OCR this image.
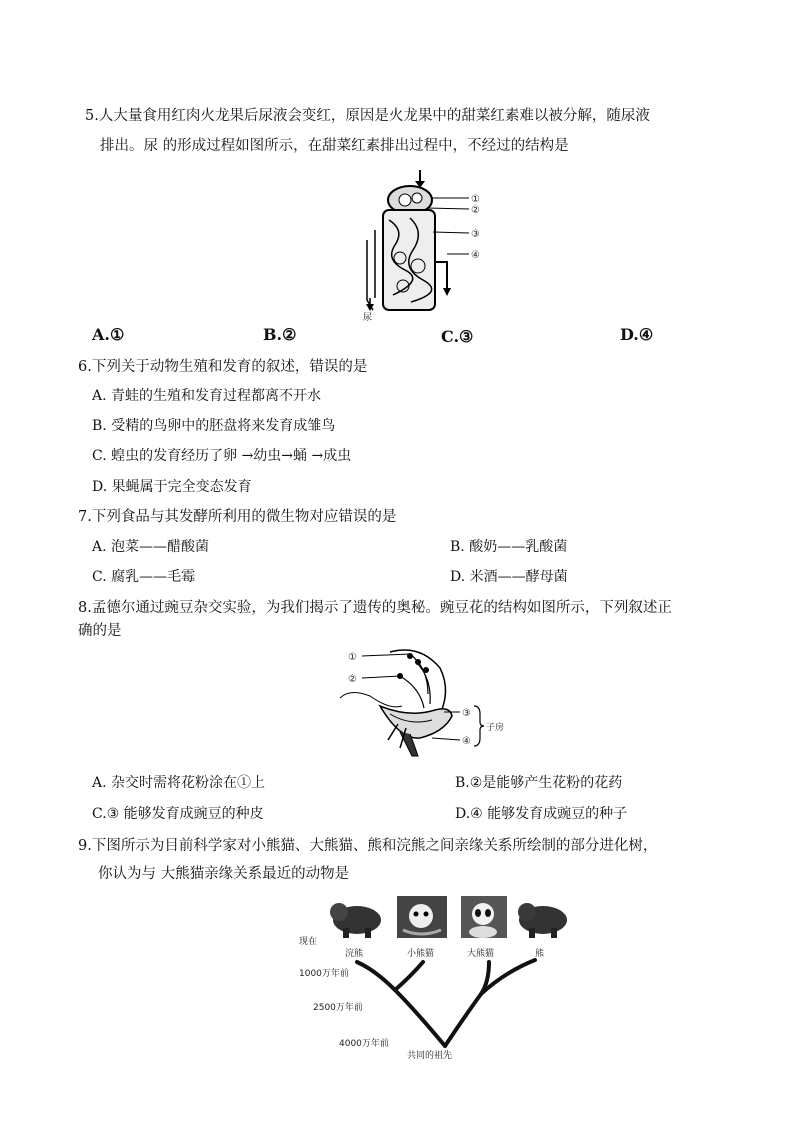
5.人大量食用红肉火龙果后尿液会变红，原因是火龙果中的甜菜红素难以被分解，随尿液
排出。尿 的形成过程如图所示，在甜菜红素排出过程中，不经过的结构是
①
②
③
④
尿
A.①	B.②	C.③	D.④
6.下列关于动物生殖和发育的叙述，错误的是
A. 青蛙的生殖和发育过程都离不开水
B. 受精的鸟卵中的胚盘将来发育成雏鸟
C. 蝗虫的发育经历了卵 →幼虫→蛹 →成虫
D. 果蝇属于完全变态发育
7.下列食品与其发酵所利用的微生物对应错误的是
A. 泡菜——醋酸菌	B. 酸奶——乳酸菌
C. 腐乳——毛霉	D. 米酒——酵母菌
8.孟德尔通过豌豆杂交实验，为我们揭示了遗传的奥秘。豌豆花的结构如图所示，下列叙述正
确的是
①
②
③
④
子房
A. 杂交时需将花粉涂在①上	B.②是能够产生花粉的花药
C.③ 能够发育成豌豆的种皮	D.④ 能够发育成豌豆的种子
9.下图所示为目前科学家对小熊猫、大熊猫、熊和浣熊之间亲缘关系所绘制的部分进化树，
你认为与 大熊猫亲缘关系最近的动物是
现在
浣熊	小熊猫	大熊猫	熊
1000万年前
2500万年前
4000万年前
共同的祖先
